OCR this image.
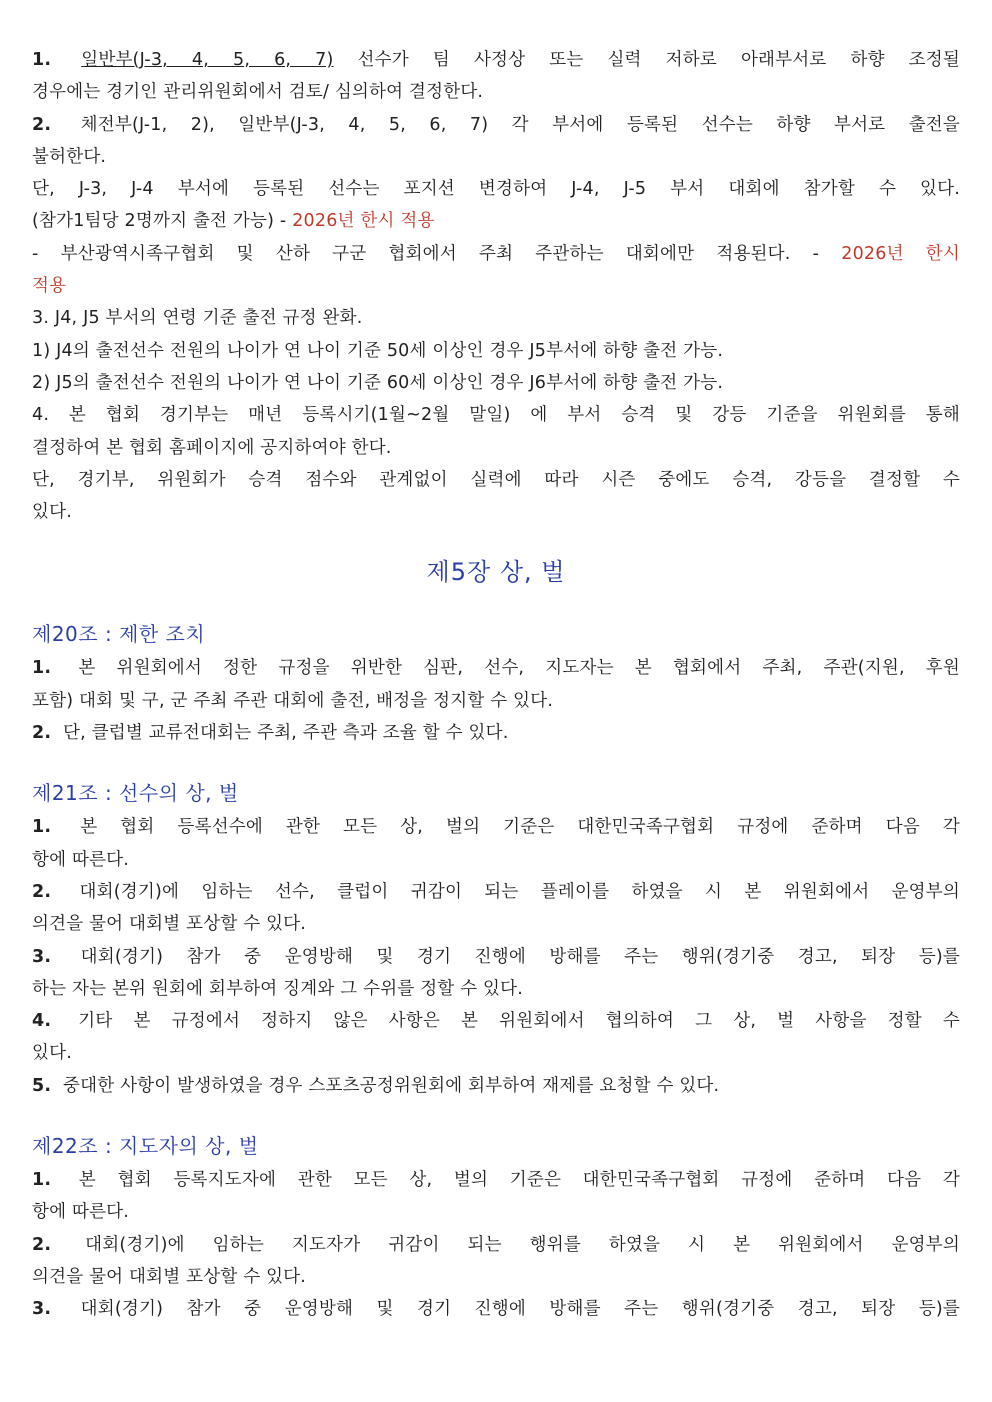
1. 일반부(J-3, 4, 5, 6, 7) 선수가 팀 사정상 또는 실력 저하로 아래부서로 하향 조정될
경우에는 경기인 관리위원회에서 검토/ 심의하여 결정한다.
2. 체전부(J-1, 2), 일반부(J-3, 4, 5, 6, 7) 각 부서에 등록된 선수는 하향 부서로 출전을
불허한다.
단, J-3, J-4 부서에 등록된 선수는 포지션 변경하여 J-4, J-5 부서 대회에 참가할 수 있다.
(참가1팀당 2명까지 출전 가능) - 2026년 한시 적용
- 부산광역시족구협회 및 산하 구군 협회에서 주최 주관하는 대회에만 적용된다. - 2026년 한시
적용
3. J4, J5 부서의 연령 기준 출전 규정 완화.
1) J4의 출전선수 전원의 나이가 연 나이 기준 50세 이상인 경우 J5부서에 하향 출전 가능.
2) J5의 출전선수 전원의 나이가 연 나이 기준 60세 이상인 경우 J6부서에 하향 출전 가능.
4. 본 협회 경기부는 매년 등록시기(1월~2월 말일) 에 부서 승격 및 강등 기준을 위원회를 통해
결정하여 본 협회 홈페이지에 공지하여야 한다.
단, 경기부, 위원회가 승격 점수와 관계없이 실력에 따라 시즌 중에도 승격, 강등을 결정할 수
있다.
제5장 상, 벌
제20조 : 제한 조치
1. 본 위원회에서 정한 규정을 위반한 심판, 선수, 지도자는 본 협회에서 주최, 주관(지원, 후원
포함) 대회 및 구, 군 주최 주관 대회에 출전, 배정을 정지할 수 있다.
2. 단, 클럽별 교류전대회는 주최, 주관 측과 조율 할 수 있다.
제21조 : 선수의 상, 벌
1. 본 협회 등록선수에 관한 모든 상, 벌의 기준은 대한민국족구협회 규정에 준하며 다음 각
항에 따른다.
2. 대회(경기)에 임하는 선수, 클럽이 귀감이 되는 플레이를 하였을 시 본 위원회에서 운영부의
의견을 물어 대회별 포상할 수 있다.
3. 대회(경기) 참가 중 운영방해 및 경기 진행에 방해를 주는 행위(경기중 경고, 퇴장 등)를
하는 자는 본위 원회에 회부하여 징계와 그 수위를 정할 수 있다.
4. 기타 본 규정에서 정하지 않은 사항은 본 위원회에서 협의하여 그 상, 벌 사항을 정할 수
있다.
5. 중대한 사항이 발생하였을 경우 스포츠공정위원회에 회부하여 재제를 요청할 수 있다.
제22조 : 지도자의 상, 벌
1. 본 협회 등록지도자에 관한 모든 상, 벌의 기준은 대한민국족구협회 규정에 준하며 다음 각
항에 따른다.
2. 대회(경기)에 임하는 지도자가 귀감이 되는 행위를 하였을 시 본 위원회에서 운영부의
의견을 물어 대회별 포상할 수 있다.
3. 대회(경기) 참가 중 운영방해 및 경기 진행에 방해를 주는 행위(경기중 경고, 퇴장 등)를
